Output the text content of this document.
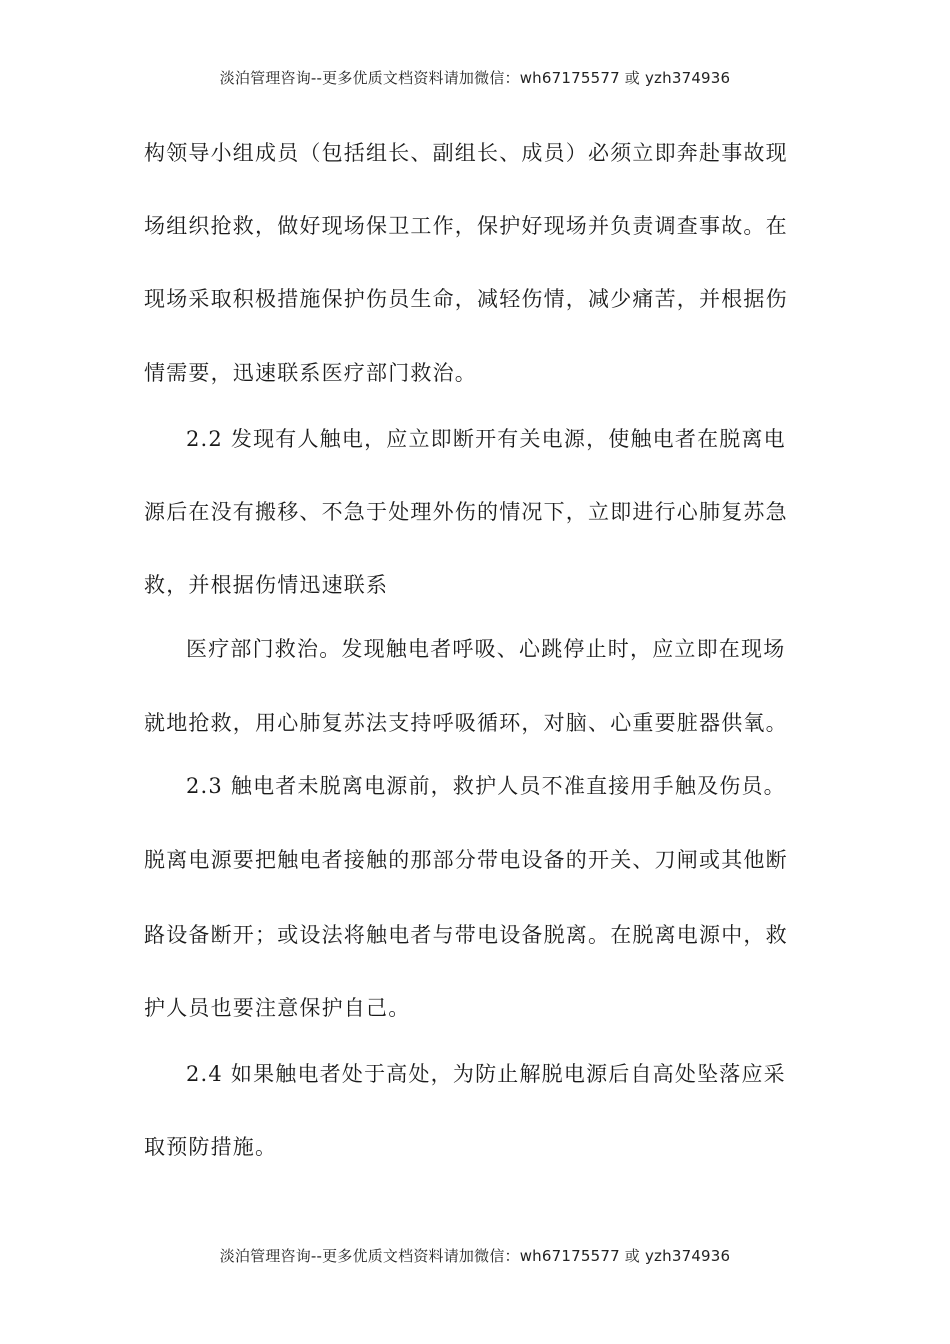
淡泊管理咨询--更多优质文档资料请加微信：wh67175577 或 yzh374936
构领导小组成员（包括组长、副组长、成员）必须立即奔赴事故现
场组织抢救，做好现场保卫工作，保护好现场并负责调查事故。在
现场采取积极措施保护伤员生命，减轻伤情，减少痛苦，并根据伤
情需要，迅速联系医疗部门救治。
2.2 发现有人触电，应立即断开有关电源，使触电者在脱离电
源后在没有搬移、不急于处理外伤的情况下，立即进行心肺复苏急
救，并根据伤情迅速联系
医疗部门救治。发现触电者呼吸、心跳停止时，应立即在现场
就地抢救，用心肺复苏法支持呼吸循环，对脑、心重要脏器供氧。
2.3 触电者未脱离电源前，救护人员不准直接用手触及伤员。
脱离电源要把触电者接触的那部分带电设备的开关、刀闸或其他断
路设备断开；或设法将触电者与带电设备脱离。在脱离电源中，救
护人员也要注意保护自己。
2.4 如果触电者处于高处，为防止解脱电源后自高处坠落应采
取预防措施。
淡泊管理咨询--更多优质文档资料请加微信：wh67175577 或 yzh374936
